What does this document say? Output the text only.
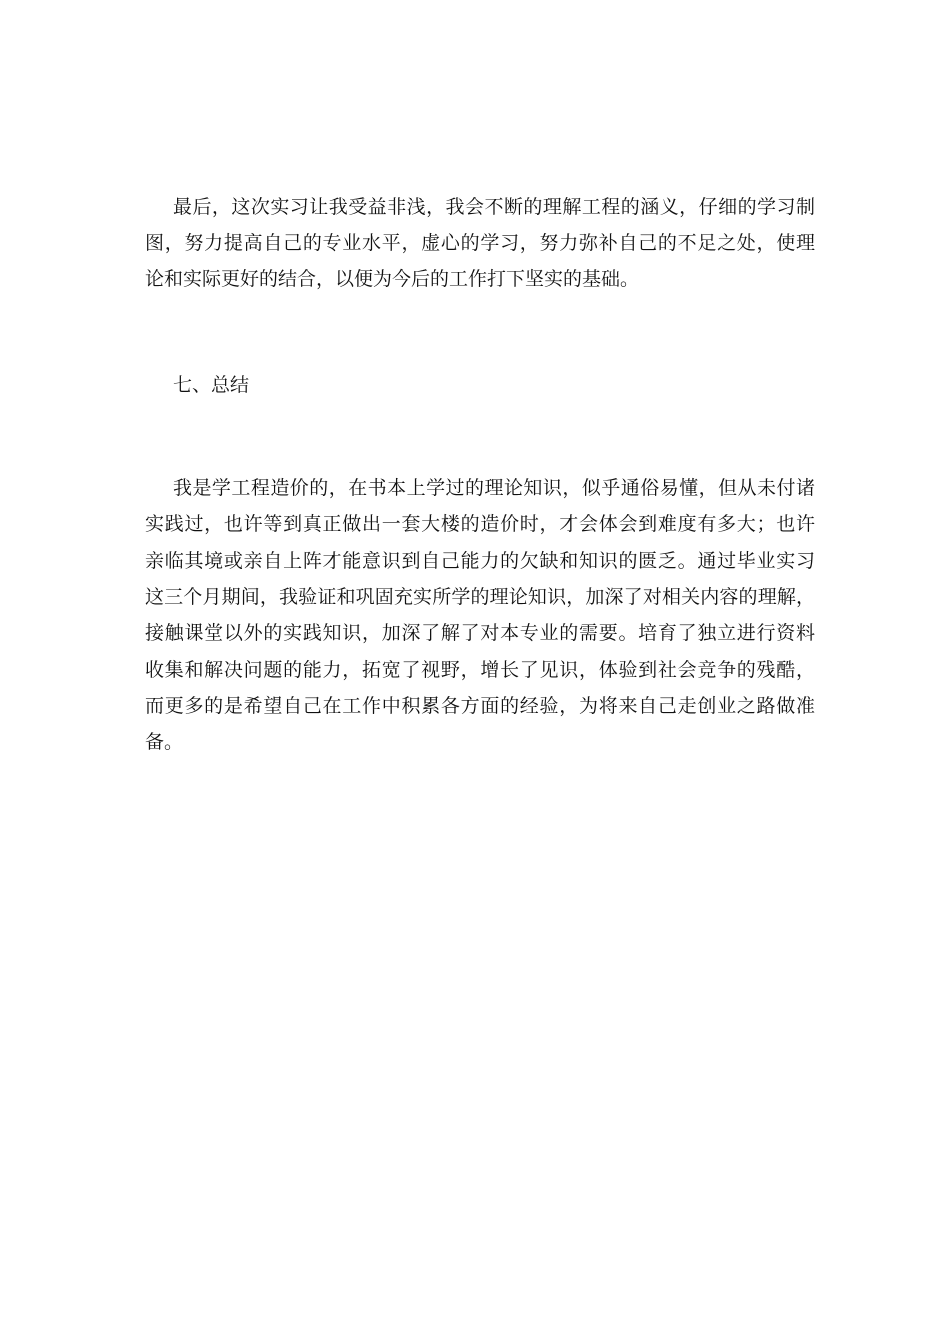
最后，这次实习让我受益非浅，我会不断的理解工程的涵义，仔细的学习制
图，努力提高自己的专业水平，虚心的学习，努力弥补自己的不足之处，使理
论和实际更好的结合，以便为今后的工作打下坚实的基础。
七、总结
我是学工程造价的，在书本上学过的理论知识，似乎通俗易懂，但从未付诸
实践过，也许等到真正做出一套大楼的造价时，才会体会到难度有多大；也许
亲临其境或亲自上阵才能意识到自己能力的欠缺和知识的匮乏。通过毕业实习
这三个月期间，我验证和巩固充实所学的理论知识，加深了对相关内容的理解，
接触课堂以外的实践知识，加深了解了对本专业的需要。培育了独立进行资料
收集和解决问题的能力，拓宽了视野，增长了见识，体验到社会竞争的残酷，
而更多的是希望自己在工作中积累各方面的经验，为将来自己走创业之路做准
备。
